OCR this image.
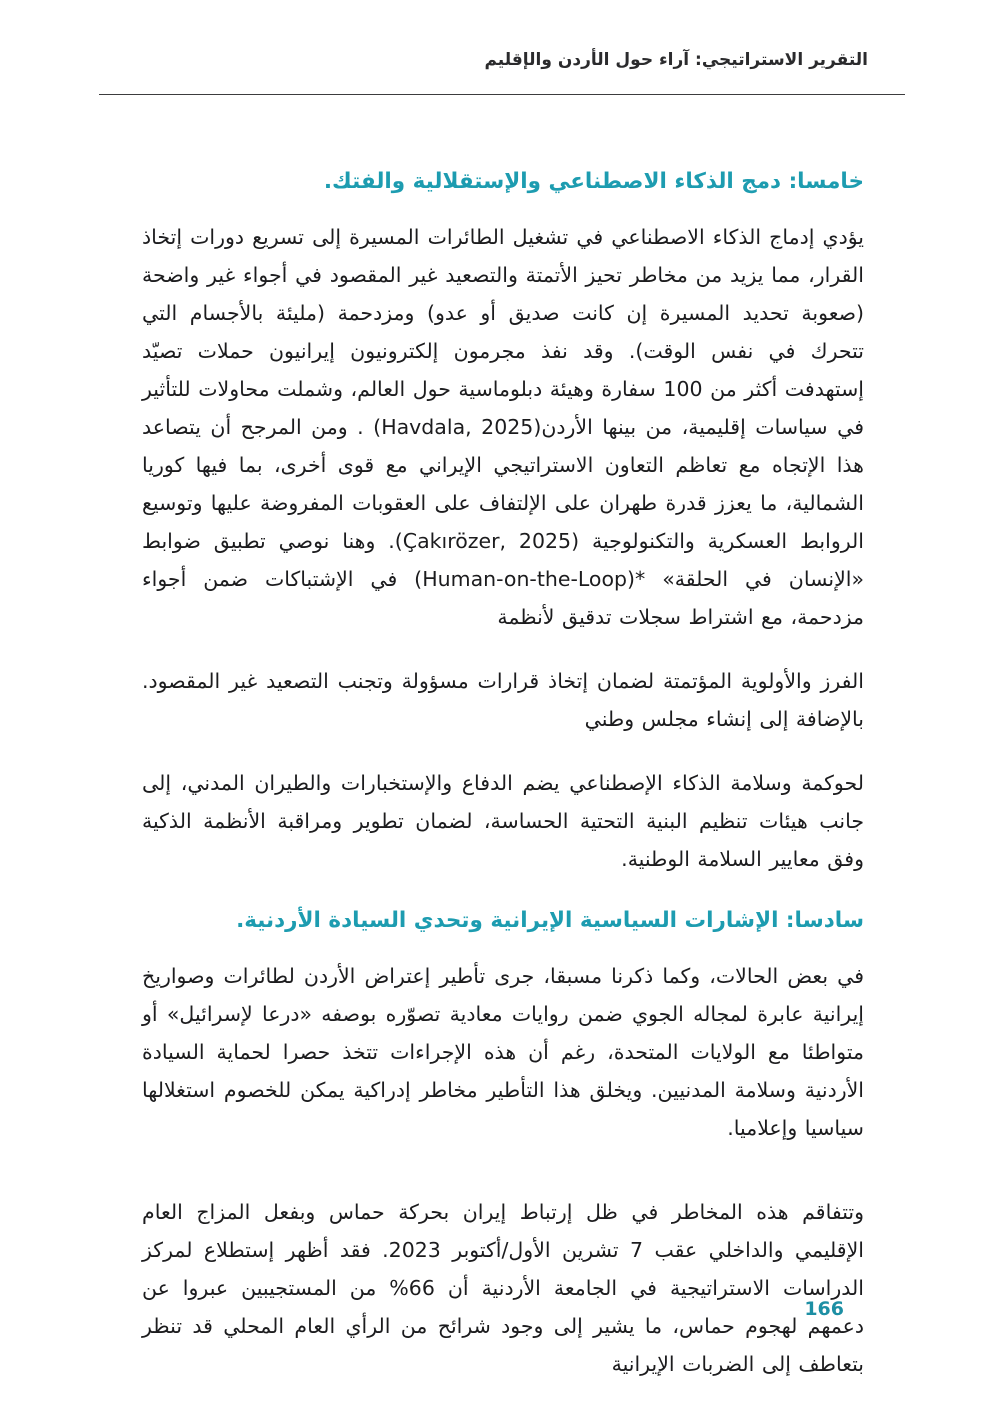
التقرير الاستراتيجي: آراء حول الأردن والإقليم
خامسا: دمج الذكاء الاصطناعي والإستقلالية والفتك.

يؤدي إدماج الذكاء الاصطناعي في تشغيل الطائرات المسيرة إلى تسريع دورات إتخاذ القرار، مما يزيد من مخاطر تحيز الأتمتة والتصعيد غير المقصود في أجواء غير واضحة (صعوبة تحديد المسيرة إن كانت صديق أو عدو) ومزدحمة (مليئة بالأجسام التي تتحرك في نفس الوقت). وقد نفذ مجرمون إلكترونيون إيرانيون حملات تصيّد إستهدفت أكثر من 100 سفارة وهيئة دبلوماسية حول العالم، وشملت محاولات للتأثير في سياسات إقليمية، من بينها الأردن(Havdala, 2025) . ومن المرجح أن يتصاعد هذا الإتجاه مع تعاظم التعاون الاستراتيجي الإيراني مع قوى أخرى، بما فيها كوريا الشمالية، ما يعزز قدرة طهران على الإلتفاف على العقوبات المفروضة عليها وتوسيع الروابط العسكرية والتكنولوجية (Çakırözer, 2025). وهنا نوصي تطبيق ضوابط «الإنسان في الحلقة» *(Human-on-the-Loop) في الإشتباكات ضمن أجواء مزدحمة، مع اشتراط سجلات تدقيق لأنظمة

الفرز والأولوية المؤتمتة لضمان إتخاذ قرارات مسؤولة وتجنب التصعيد غير المقصود. بالإضافة إلى إنشاء مجلس وطني

لحوكمة وسلامة الذكاء الإصطناعي يضم الدفاع والإستخبارات والطيران المدني، إلى جانب هيئات تنظيم البنية التحتية الحساسة، لضمان تطوير ومراقبة الأنظمة الذكية وفق معايير السلامة الوطنية.

سادسا: الإشارات السياسية الإيرانية وتحدي السيادة الأردنية.

في بعض الحالات، وكما ذكرنا مسبقا، جرى تأطير إعتراض الأردن لطائرات وصواريخ إيرانية عابرة لمجاله الجوي ضمن روايات معادية تصوّره بوصفه «درعا لإسرائيل» أو متواطئا مع الولايات المتحدة، رغم أن هذه الإجراءات تتخذ حصرا لحماية السيادة الأردنية وسلامة المدنيين. ويخلق هذا التأطير مخاطر إدراكية يمكن للخصوم استغلالها سياسيا وإعلاميا.

وتتفاقم هذه المخاطر في ظل إرتباط إيران بحركة حماس وبفعل المزاج العام الإقليمي والداخلي عقب 7 تشرين الأول/أكتوبر 2023. فقد أظهر إستطلاع لمركز الدراسات الاستراتيجية في الجامعة الأردنية أن 66% من المستجيبين عبروا عن دعمهم لهجوم حماس، ما يشير إلى وجود شرائح من الرأي العام المحلي قد تنظر بتعاطف إلى الضربات الإيرانية

166
